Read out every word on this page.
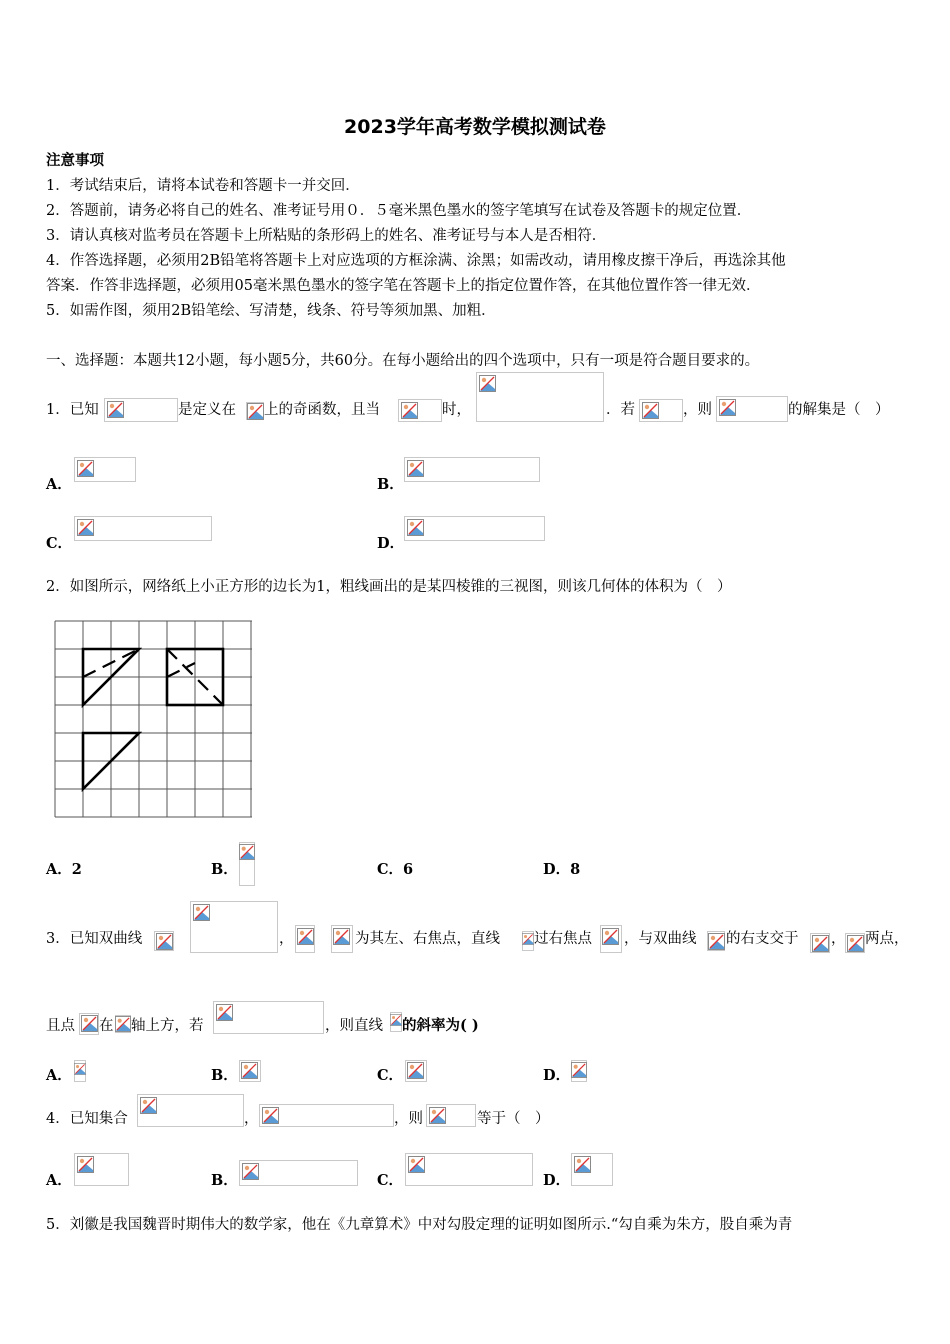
2023学年高考数学模拟测试卷
注意事项
1．考试结束后，请将本试卷和答题卡一并交回．
2．答题前，请务必将自己的姓名、准考证号用０．５毫米黑色墨水的签字笔填写在试卷及答题卡的规定位置．
3．请认真核对监考员在答题卡上所粘贴的条形码上的姓名、准考证号与本人是否相符．
4．作答选择题，必须用2B铅笔将答题卡上对应选项的方框涂满、涂黑；如需改动，请用橡皮擦干净后，再选涂其他
答案．作答非选择题，必须用05毫米黑色墨水的签字笔在答题卡上的指定位置作答，在其他位置作答一律无效．
5．如需作图，须用2B铅笔绘、写清楚，线条、符号等须加黑、加粗．
一、选择题：本题共12小题，每小题5分，共60分。在每小题给出的四个选项中，只有一项是符合题目要求的。
1．已知	是定义在 上的奇函数，且当	时，	．若	，则	的解集是（　）
A．	B．
C．	D．
2．如图所示，网络纸上小正方形的边长为1，粗线画出的是某四棱锥的三视图，则该几何体的体积为（　）
A．2	B．	C．6	D．8
3．已知双曲线	，	为其左、右焦点，直线 过右焦点 ，与双曲线 的右支交于 ， 两点，
且点 在 轴上方，若	，则直线 的斜率为( )
A．	B．	C．	D．
4．已知集合	，	，则	等于（　）
A．	B．	C．	D．
5．刘徽是我国魏晋时期伟大的数学家，他在《九章算术》中对勾股定理的证明如图所示.“勾自乘为朱方，股自乘为青
